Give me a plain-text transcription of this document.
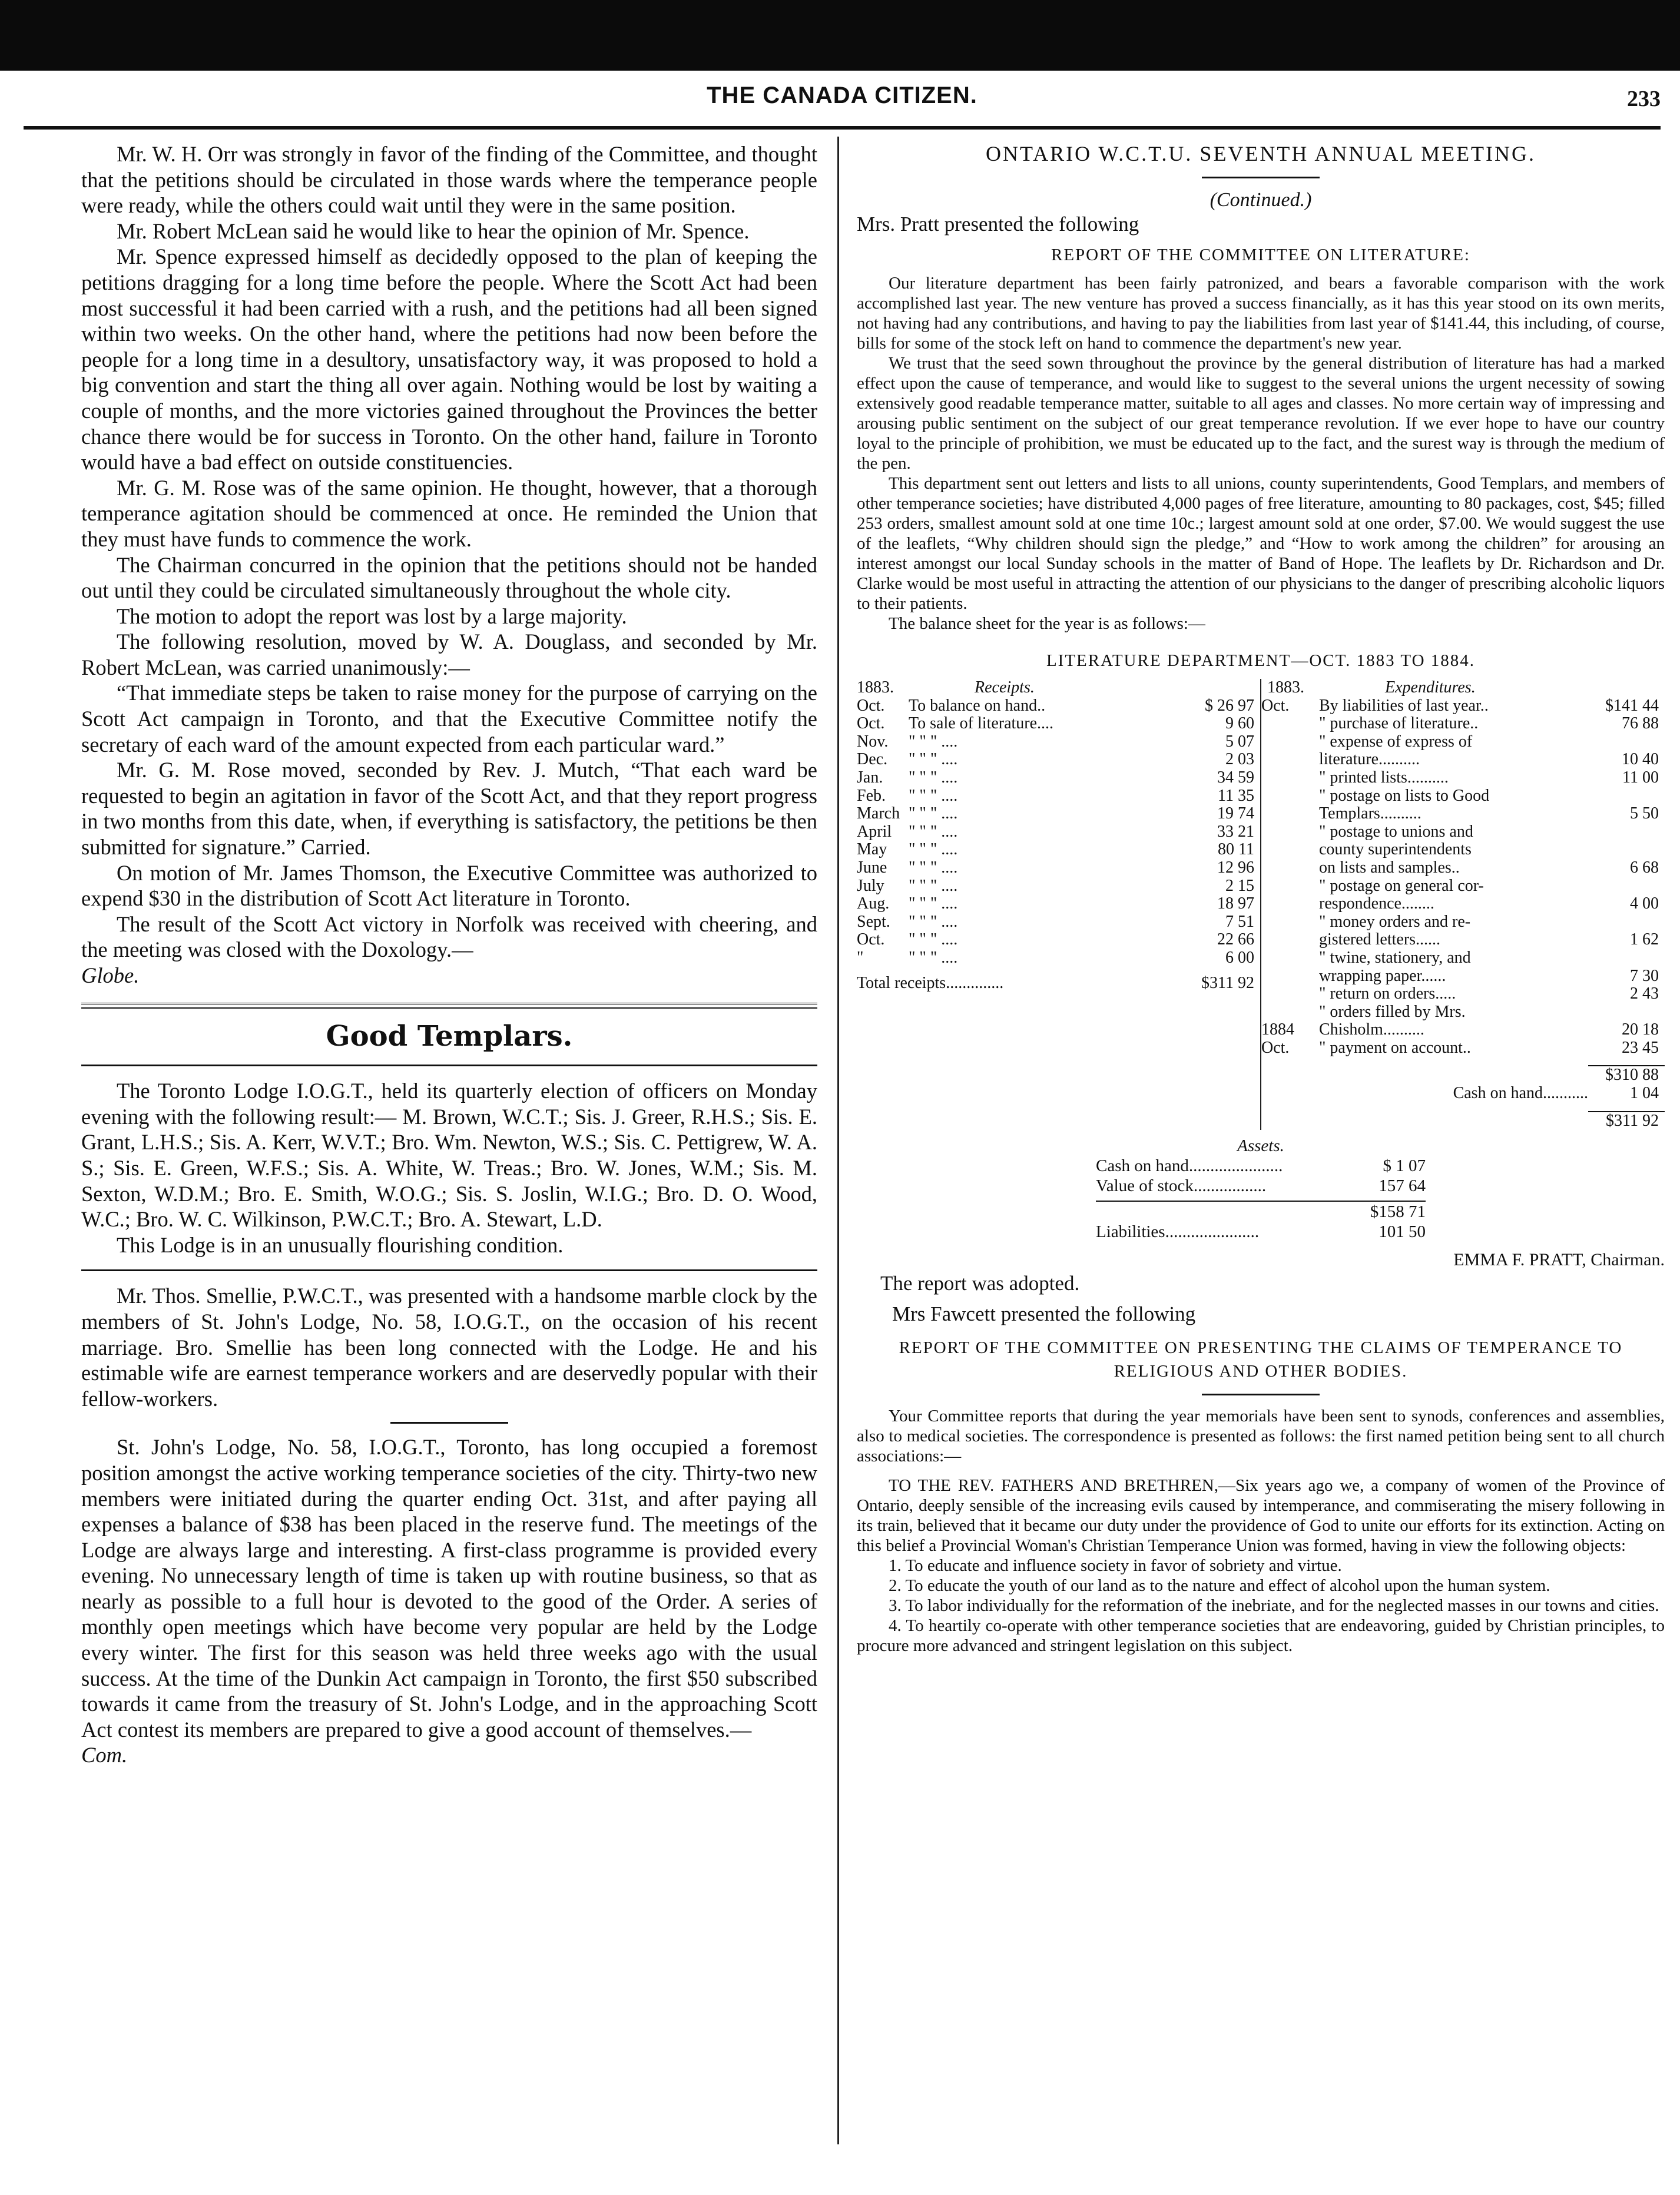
THE CANADA CITIZEN.	233

Mr. W. H. Orr was strongly in favor of the finding of the Committee, and thought that the petitions should be circulated in those wards where the temperance people were ready, while the others could wait until they were in the same position.

Mr. Robert McLean said he would like to hear the opinion of Mr. Spence.

Mr. Spence expressed himself as decidedly opposed to the plan of keeping the petitions dragging for a long time before the people. Where the Scott Act had been most successful it had been carried with a rush, and the petitions had all been signed within two weeks. On the other hand, where the petitions had now been before the people for a long time in a desultory, unsatisfactory way, it was proposed to hold a big convention and start the thing all over again. Nothing would be lost by waiting a couple of months, and the more victories gained throughout the Provinces the better chance there would be for success in Toronto. On the other hand, failure in Toronto would have a bad effect on outside constituencies.

Mr. G. M. Rose was of the same opinion. He thought, however, that a thorough temperance agitation should be commenced at once. He reminded the Union that they must have funds to commence the work.

The Chairman concurred in the opinion that the petitions should not be handed out until they could be circulated simultaneously throughout the whole city.

The motion to adopt the report was lost by a large majority.

The following resolution, moved by W. A. Douglass, and seconded by Mr. Robert McLean, was carried unanimously:—

“That immediate steps be taken to raise money for the purpose of carrying on the Scott Act campaign in Toronto, and that the Executive Committee notify the secretary of each ward of the amount expected from each particular ward.”

Mr. G. M. Rose moved, seconded by Rev. J. Mutch, “That each ward be requested to begin an agitation in favor of the Scott Act, and that they report progress in two months from this date, when, if everything is satisfactory, the petitions be then submitted for signature.” Carried.

On motion of Mr. James Thomson, the Executive Committee was authorized to expend $30 in the distribution of Scott Act literature in Toronto.

The result of the Scott Act victory in Norfolk was received with cheering, and the meeting was closed with the Doxology.—

Globe.

Good Templars.

The Toronto Lodge I.O.G.T., held its quarterly election of officers on Monday evening with the following result:— M. Brown, W.C.T.; Sis. J. Greer, R.H.S.; Sis. E. Grant, L.H.S.; Sis. A. Kerr, W.V.T.; Bro. Wm. Newton, W.S.; Sis. C. Pettigrew, W. A. S.; Sis. E. Green, W.F.S.; Sis. A. White, W. Treas.; Bro. W. Jones, W.M.; Sis. M. Sexton, W.D.M.; Bro. E. Smith, W.O.G.; Sis. S. Joslin, W.I.G.; Bro. D. O. Wood, W.C.; Bro. W. C. Wilkinson, P.W.C.T.; Bro. A. Stewart, L.D.

This Lodge is in an unusually flourishing condition.

Mr. Thos. Smellie, P.W.C.T., was presented with a handsome marble clock by the members of St. John's Lodge, No. 58, I.O.G.T., on the occasion of his recent marriage. Bro. Smellie has been long connected with the Lodge. He and his estimable wife are earnest temperance workers and are deservedly popular with their fellow-workers.

St. John's Lodge, No. 58, I.O.G.T., Toronto, has long occupied a foremost position amongst the active working temperance societies of the city. Thirty-two new members were initiated during the quarter ending Oct. 31st, and after paying all expenses a balance of $38 has been placed in the reserve fund. The meetings of the Lodge are always large and interesting. A first-class programme is provided every evening. No unnecessary length of time is taken up with routine business, so that as nearly as possible to a full hour is devoted to the good of the Order. A series of monthly open meetings which have become very popular are held by the Lodge every winter. The first for this season was held three weeks ago with the usual success. At the time of the Dunkin Act campaign in Toronto, the first $50 subscribed towards it came from the treasury of St. John's Lodge, and in the approaching Scott Act contest its members are prepared to give a good account of themselves.—

Com.

ONTARIO W.C.T.U. SEVENTH ANNUAL MEETING.
(Continued.)
Mrs. Pratt presented the following
REPORT OF THE COMMITTEE ON LITERATURE:

Our literature department has been fairly patronized, and bears a favorable comparison with the work accomplished last year. The new venture has proved a success financially, as it has this year stood on its own merits, not having had any contributions, and having to pay the liabilities from last year of $141.44, this including, of course, bills for some of the stock left on hand to commence the department's new year.

We trust that the seed sown throughout the province by the general distribution of literature has had a marked effect upon the cause of temperance, and would like to suggest to the several unions the urgent necessity of sowing extensively good readable temperance matter, suitable to all ages and classes. No more certain way of impressing and arousing public sentiment on the subject of our great temperance revolution. If we ever hope to have our country loyal to the principle of prohibition, we must be educated up to the fact, and the surest way is through the medium of the pen.

This department sent out letters and lists to all unions, county superintendents, Good Templars, and members of other temperance societies; have distributed 4,000 pages of free literature, amounting to 80 packages, cost, $45; filled 253 orders, smallest amount sold at one time 10c.; largest amount sold at one order, $7.00. We would suggest the use of the leaflets, “Why children should sign the pledge,” and “How to work among the children” for arousing an interest amongst our local Sunday schools in the matter of Band of Hope. The leaflets by Dr. Richardson and Dr. Clarke would be most useful in attracting the attention of our physicians to the danger of prescribing alcoholic liquors to their patients.

The balance sheet for the year is as follows:—

LITERATURE DEPARTMENT—OCT. 1883 TO 1884.
1883.	Receipts.
Oct.	To balance on hand..	$ 26 97
Oct.	To sale of literature....	9 60
Nov.	" " " ....	5 07
Dec.	" " " ....	2 03
Jan.	" " " ....	34 59
Feb.	" " " ....	11 35
March " " " ....	19 74
April	" " " ....	33 21
May	" " " ....	80 11
June	" " " ....	12 96
July	" " " ....	2 15
Aug.	" " " ....	18 97
Sept.	" " " ....	7 51
Oct.	" " " ....	22 66
"	" " " ....	6 00
Total receipts..............	$311 92
1883.	Expenditures.
Oct.	By liabilities of last year..	$141 44
" purchase of literature..	76 88
" expense of express of
literature..........	10 40
" printed lists..........	11 00
" postage on lists to Good
Templars..........	5 50
" postage to unions and
county superintendents
on lists and samples..	6 68
" postage on general cor-
respondence........	4 00
" money orders and re-
gistered letters......	1 62
" twine, stationery, and
wrapping paper......	7 30
" return on orders.....	2 43
" orders filled by Mrs.
1884	Chisholm..........	20 18
Oct.	" payment on account..	23 45
$310 88
Cash on hand...........	1 04
$311 92
Assets.
Cash on hand......................	$ 1 07
Value of stock.................	157 64
$158 71
Liabilities......................	101 50
EMMA F. PRATT, Chairman.
The report was adopted.
Mrs Fawcett presented the following
REPORT OF THE COMMITTEE ON PRESENTING THE CLAIMS OF TEMPERANCE TO RELIGIOUS AND OTHER BODIES.

Your Committee reports that during the year memorials have been sent to synods, conferences and assemblies, also to medical societies. The correspondence is presented as follows: the first named petition being sent to all church associations:—

TO THE REV. FATHERS AND BRETHREN,—Six years ago we, a company of women of the Province of Ontario, deeply sensible of the increasing evils caused by intemperance, and commiserating the misery following in its train, believed that it became our duty under the providence of God to unite our efforts for its extinction. Acting on this belief a Provincial Woman's Christian Temperance Union was formed, having in view the following objects:

1. To educate and influence society in favor of sobriety and virtue.

2. To educate the youth of our land as to the nature and effect of alcohol upon the human system.

3. To labor individually for the reformation of the inebriate, and for the neglected masses in our towns and cities.

4. To heartily co-operate with other temperance societies that are endeavoring, guided by Christian principles, to procure more advanced and stringent legislation on this subject.
